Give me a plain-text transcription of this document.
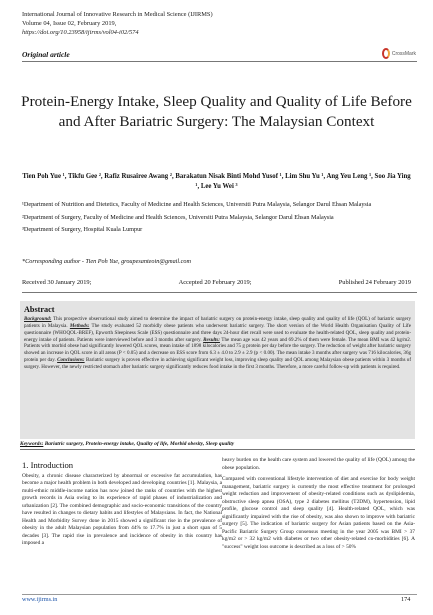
International Journal of Innovative Research in Medical Science (IJIRMS)
Volume 04, Issue 02, February 2019,
https://doi.org/10.23958/ijirms/vol04-i02/574
Original article	CrossMark
Protein-Energy Intake, Sleep Quality and Quality of Life Before and After Bariatric Surgery: The Malaysian Context
Tien Poh Yue ¹, Tikfu Gee ², Rafiz Rusairee Awang ², Barakatun Nisak Binti Mohd Yusof ¹, Lim Shu Yu ¹, Ang Yeu Leng ¹, Soo Jia Ying ¹, Lee Yu Wei ³

¹Department of Nutrition and Dietetics, Faculty of Medicine and Health Sciences, Universiti Putra Malaysia, Selangor Darul Ehsan Malaysia

²Department of Surgery, Faculty of Medicine and Health Sciences, Universiti Putra Malaysia, Selangor Darul Ehsan Malaysia

³Department of Surgery, Hospital Kuala Lumpur

*Corresponding author - Tien Poh Yue, groupesanteoin@gmail.com
Received 30 January 2019;	Accepted 20 February 2019;	Published 24 February 2019
Abstract
Background: This prospective observational study aimed to determine the impact of bariatric surgery on protein-energy intake, sleep quality and quality of life (QOL) of bariatric surgery patients in Malaysia. Methods: The study evaluated 52 morbidly obese patients who underwent bariatric surgery. The short version of the World Health Organisation Quality of Life questionnaire (WHOQOL-BREF), Epworth Sleepiness Scale (ESS) questionnaire and three days 24-hour diet recall were used to evaluate the health-related QOL, sleep quality and protein-energy intake of patients. Patients were interviewed before and 3 months after surgery. Results: The mean age was 42 years and 69.2% of them were female. The mean BMI was 42 kg/m2. Patients with morbid obese had significantly lowered QOL scores, mean intake of 1898 kilocalories and 75 g protein per day before the surgery. The reduction of weight after bariatric surgery showed an increase in QOL score in all areas (P < 0.05) and a decrease on ESS score from 6.3 ± 4.0 to 2.9 ± 2.9 (p < 0.00). The mean intake 3 months after surgery was 716 kilocalories, 36g protein per day. Conclusions: Bariatric surgery is proven effective in achieving significant weight loss, improving sleep quality and QOL among Malaysian obese patients within 3 months of surgery. However, the newly restricted stomach after bariatric surgery significantly reduces food intake in the first 3 months. Therefore, a more careful follow-up with patients is required.
Keywords: Bariatric surgery, Protein-energy intake, Quality of life, Morbid obesity, Sleep quality
1. Introduction

Obesity, a chronic disease characterized by abnormal or excessive fat accumulation, has become a major health problem in both developed and developing countries [1]. Malaysia, a multi-ethnic middle-income nation has now joined the ranks of countries with the highest growth records in Asia owing to its experience of rapid phases of industrialization and urbanization [2]. The combined demographic and socio-economic transitions of the country have resulted in changes to dietary habits and lifestyles of Malaysians. In fact, the National Health and Morbidity Survey done in 2015 showed a significant rise in the prevalence of obesity in the adult Malaysian population from 44% to 17.7% in just a short span of 5 decades [3]. The rapid rise in prevalence and incidence of obesity in this country has imposed a

heavy burden on the health care system and lowered the quality of life (QOL) among the obese population.

Compared with conventional lifestyle intervention of diet and exercise for body weight management, bariatric surgery is currently the most effective treatment for prolonged weight reduction and improvement of obesity-related conditions such as dyslipidemia, obstructive sleep apnea (OSA), type 2 diabetes mellitus (T2DM), hypertension, lipid profile, glucose control and sleep quality [4]. Health-related QOL, which was significantly impaired with the rise of obesity, was also shown to improve with bariatric surgery [5]. The indication of bariatric surgery for Asian patients based on the Asia-Pacific Bariatric Surgery Group consensus meeting in the year 2005 was BMI > 37 kg/m2 or > 32 kg/m2 with diabetes or two other obesity-related co-morbidities [6]. A "success" weight loss outcome is described as a loss of > 50%

www.ijirms.in	174
